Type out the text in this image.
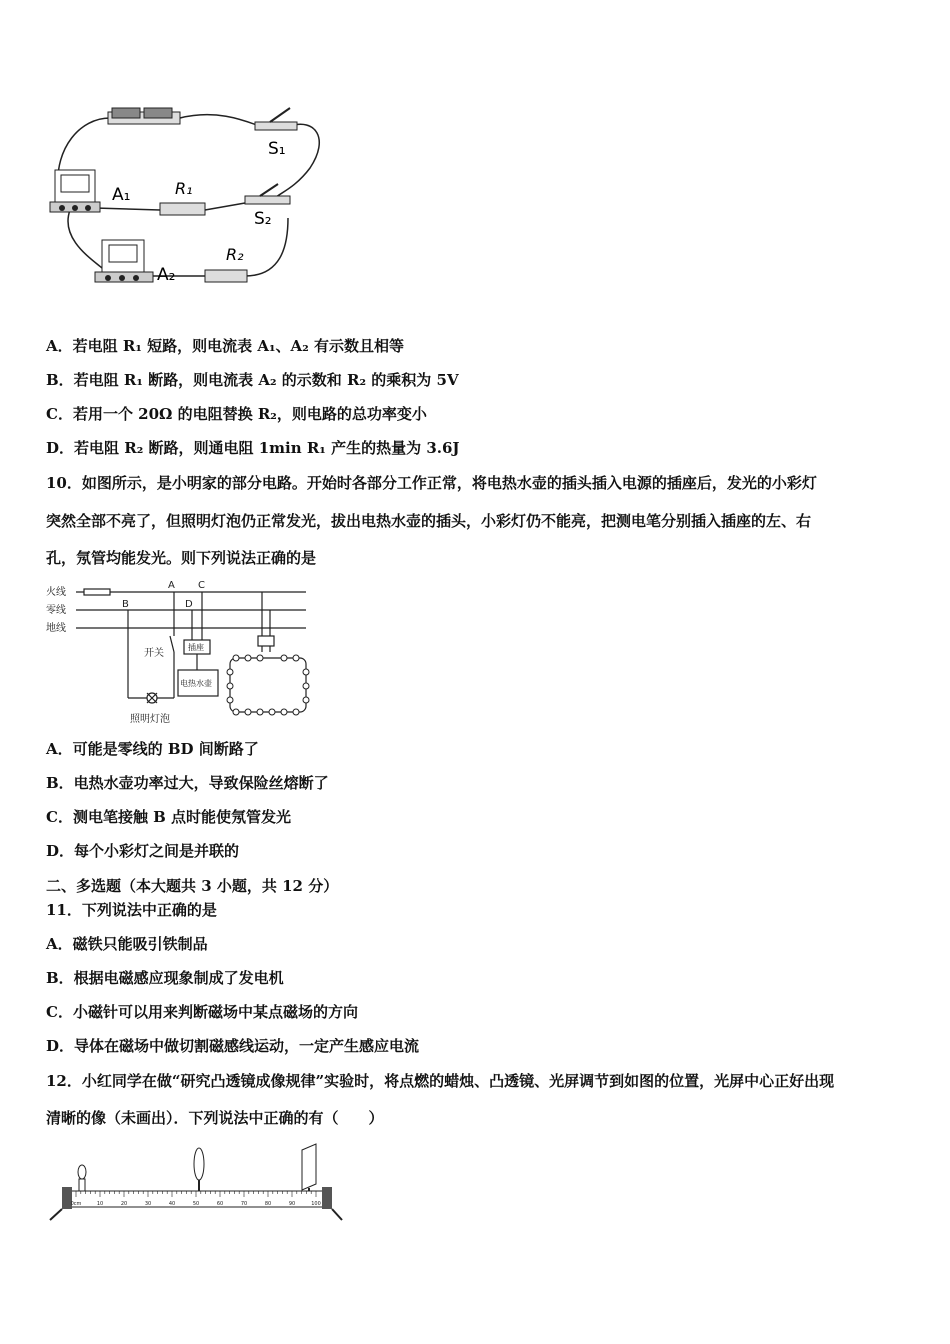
S₁
A₁	R₁
S₂
A₂
R₂
A．若电阻 R₁ 短路，则电流表 A₁、A₂ 有示数且相等
B．若电阻 R₁ 断路，则电流表 A₂ 的示数和 R₂ 的乘积为 5V
C．若用一个 20Ω 的电阻替换 R₂，则电路的总功率变小
D．若电阻 R₂ 断路，则通电阻 1min R₁ 产生的热量为 3.6J
10．如图所示，是小明家的部分电路。开始时各部分工作正常，将电热水壶的插头插入电源的插座后，发光的小彩灯
突然全部不亮了，但照明灯泡仍正常发光，拔出电热水壶的插头，小彩灯仍不能亮，把测电笔分别插入插座的左、右
孔，氖管均能发光。则下列说法正确的是
火线
零线
地线
A
B
C
D
开关
照明灯泡
插座
电热水壶
A．可能是零线的 BD 间断路了
B．电热水壶功率过大，导致保险丝熔断了
C．测电笔接触 B 点时能使氖管发光
D．每个小彩灯之间是并联的
二、多选题（本大题共 3 小题，共 12 分）
11．下列说法中正确的是
A．磁铁只能吸引铁制品
B．根据电磁感应现象制成了发电机
C．小磁针可以用来判断磁场中某点磁场的方向
D．导体在磁场中做切割磁感线运动，一定产生感应电流
12．小红同学在做“研究凸透镜成像规律”实验时，将点燃的蜡烛、凸透镜、光屏调节到如图的位置，光屏中心正好出现
清晰的像（未画出）．下列说法中正确的有（　　）
0cm	10	20	30	40	50	60	70	80	90	100
